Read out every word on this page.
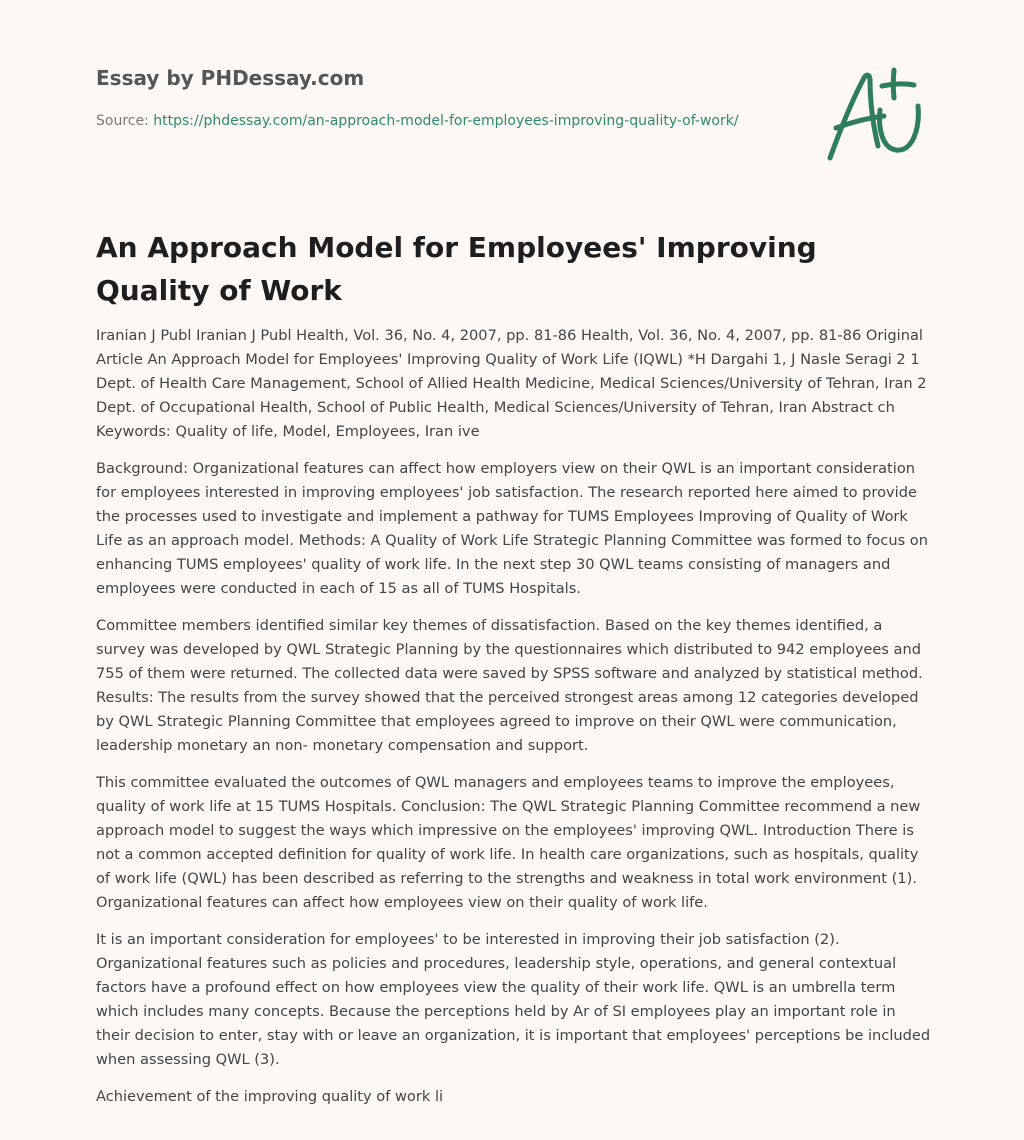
Essay by PHDessay.com
Source: https://phdessay.com/an-approach-model-for-employees-improving-quality-of-work/
An Approach Model for Employees' Improving Quality of Work

Iranian J Publ Iranian J Publ Health, Vol. 36, No. 4, 2007, pp. 81-86 Health, Vol. 36, No. 4, 2007, pp. 81-86 Original Article An Approach Model for Employees' Improving Quality of Work Life (IQWL) *H Dargahi 1, J Nasle Seragi 2 1 Dept. of Health Care Management, School of Allied Health Medicine, Medical Sciences/University of Tehran, Iran 2 Dept. of Occupational Health, School of Public Health, Medical Sciences/University of Tehran, Iran Abstract ch Keywords: Quality of life, Model, Employees, Iran ive

Background: Organizational features can affect how employers view on their QWL is an important consideration for employees interested in improving employees' job satisfaction. The research reported here aimed to provide the processes used to investigate and implement a pathway for TUMS Employees Improving of Quality of Work Life as an approach model. Methods: A Quality of Work Life Strategic Planning Committee was formed to focus on enhancing TUMS employees' quality of work life. In the next step 30 QWL teams consisting of managers and employees were conducted in each of 15 as all of TUMS Hospitals.

Committee members identified similar key themes of dissatisfaction. Based on the key themes identified, a survey was developed by QWL Strategic Planning by the questionnaires which distributed to 942 employees and 755 of them were returned. The collected data were saved by SPSS software and analyzed by statistical method. Results: The results from the survey showed that the perceived strongest areas among 12 categories developed by QWL Strategic Planning Committee that employees agreed to improve on their QWL were communication, leadership monetary an non- monetary compensation and support.

This committee evaluated the outcomes of QWL managers and employees teams to improve the employees, quality of work life at 15 TUMS Hospitals. Conclusion: The QWL Strategic Planning Committee recommend a new approach model to suggest the ways which impressive on the employees' improving QWL. Introduction There is not a common accepted definition for quality of work life. In health care organizations, such as hospitals, quality of work life (QWL) has been described as referring to the strengths and weakness in total work environment (1). Organizational features can affect how employees view on their quality of work life.

It is an important consideration for employees' to be interested in improving their job satisfaction (2). Organizational features such as policies and procedures, leadership style, operations, and general contextual factors have a profound effect on how employees view the quality of their work life. QWL is an umbrella term which includes many concepts. Because the perceptions held by Ar of SI employees play an important role in their decision to enter, stay with or leave an organization, it is important that employees' perceptions be included when assessing QWL (3).

Achievement of the improving quality of work li
